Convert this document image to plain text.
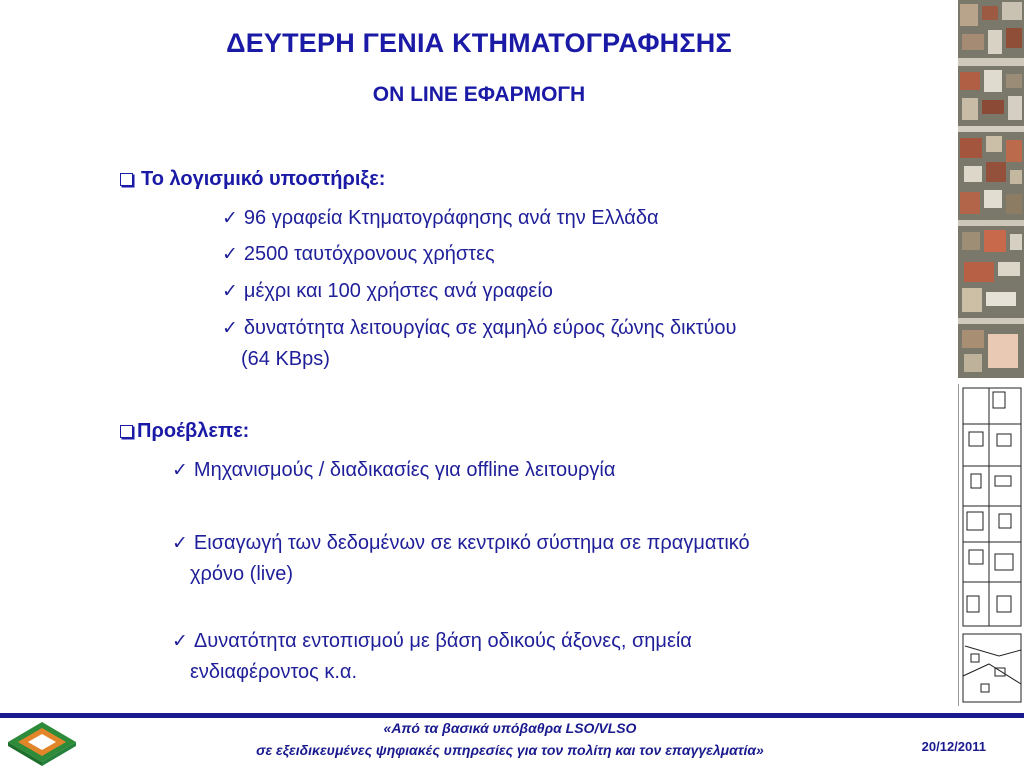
ΔΕΥΤΕΡΗ ΓΕΝΙΑ ΚΤΗΜΑΤΟΓΡΑΦΗΣΗΣ
ON LINE ΕΦΑΡΜΟΓΗ
Το λογισμικό υποστήριξε:
✓ 96 γραφεία Κτηματογράφησης ανά την Ελλάδα
✓ 2500 ταυτόχρονους χρήστες
✓ μέχρι και 100 χρήστες ανά γραφείο
✓ δυνατότητα λειτουργίας σε χαμηλό εύρος ζώνης δικτύου
(64 KBps)
Προέβλεπε:
✓ Μηχανισμούς / διαδικασίες για offline λειτουργία
✓ Εισαγωγή των δεδομένων σε κεντρικό σύστημα σε πραγματικό
χρόνο (live)
✓ Δυνατότητα εντοπισμού με βάση οδικούς άξονες, σημεία
ενδιαφέροντος κ.α.
«Από τα βασικά υπόβαθρα LSO/VLSO
σε εξειδικευμένες ψηφιακές υπηρεσίες για τον πολίτη και τον επαγγελματία»	20/12/2011
